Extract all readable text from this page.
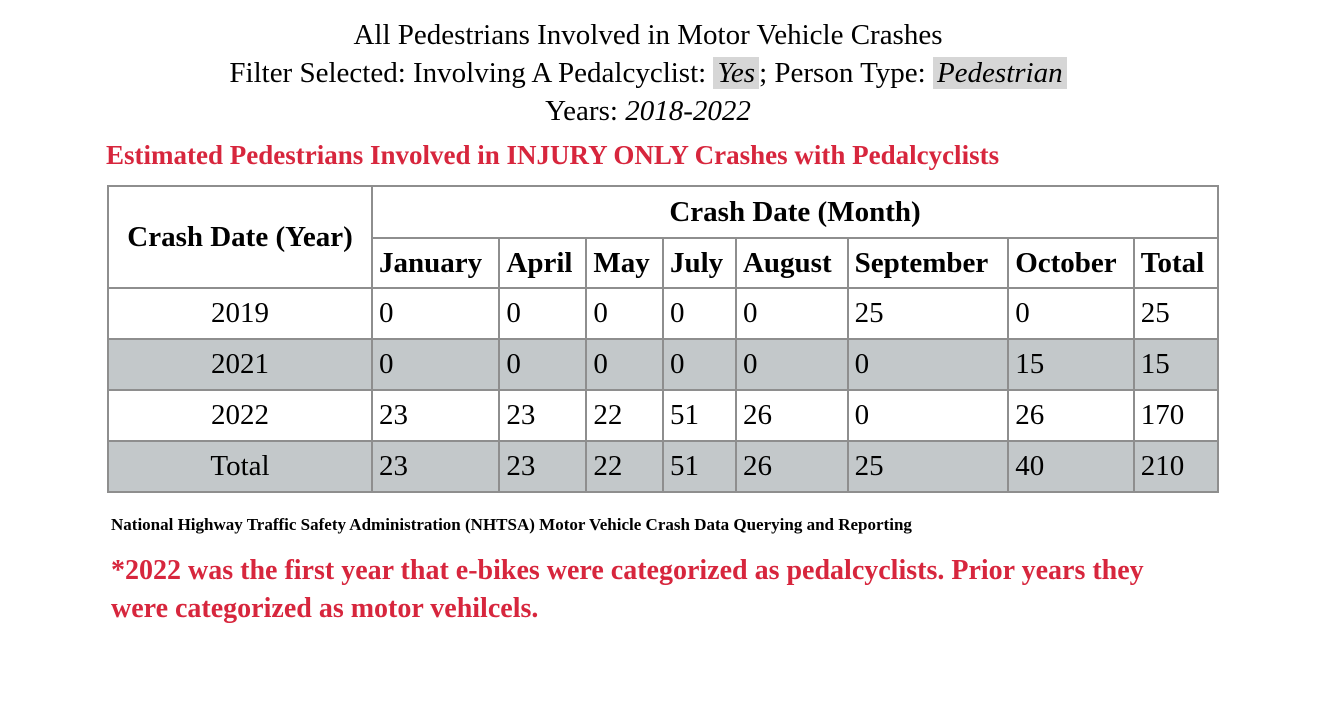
All Pedestrians Involved in Motor Vehicle Crashes
Filter Selected: Involving A Pedalcyclist: Yes ; Person Type: Pedestrian
Years: 2018-2022
Estimated Pedestrians Involved in INJURY ONLY Crashes with Pedalcyclists
Crash Date (Year)	Crash Date (Month)							
	January	April	May	July	August	September	October	Total
2019	0	0	0	0	0	25	0	25
2021	0	0	0	0	0	0	15	15
2022	23	23	22	51	26	0	26	170
Total	23	23	22	51	26	25	40	210
National Highway Traffic Safety Administration (NHTSA) Motor Vehicle Crash Data Querying and Reporting
*2022 was the first year that e-bikes were categorized as pedalcyclists. Prior years they were categorized as motor vehilcels.
